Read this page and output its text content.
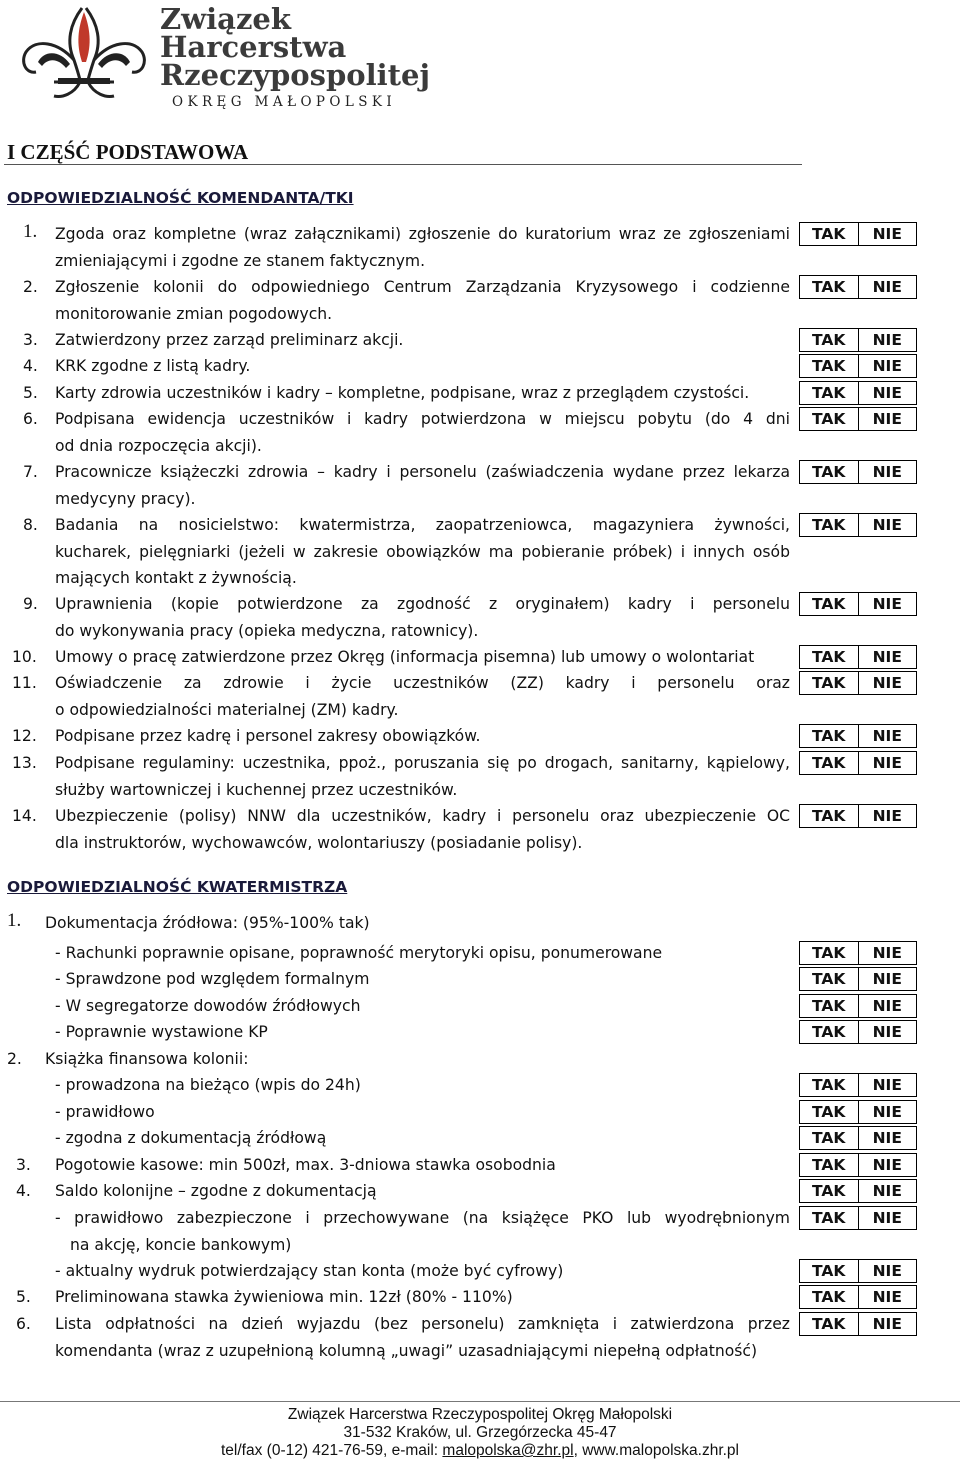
Związek
Harcerstwa
Rzeczypospolitej
OKRĘG MAŁOPOLSKI
I CZĘŚĆ PODSTAWOWA
ODPOWIEDZIALNOŚĆ KOMENDANTA/TKI
1. Zgoda oraz kompletne (wraz załącznikami) zgłoszenie do kuratorium wraz ze zgłoszeniami
zmieniającymi i zgodne ze stanem faktycznym.
TAK	NIE
2. Zgłoszenie kolonii do odpowiedniego Centrum Zarządzania Kryzysowego i codzienne
monitorowanie zmian pogodowych.
TAK	NIE
3. Zatwierdzony przez zarząd preliminarz akcji.	TAK	NIE
4. KRK zgodne z listą kadry.	TAK	NIE
5. Karty zdrowia uczestników i kadry – kompletne, podpisane, wraz z przeglądem czystości.	TAK	NIE
6. Podpisana ewidencja uczestników i kadry potwierdzona w miejscu pobytu (do 4 dni
od dnia rozpoczęcia akcji).
TAK	NIE
7. Pracownicze książeczki zdrowia – kadry i personelu (zaświadczenia wydane przez lekarza
medycyny pracy).
TAK	NIE
8. Badania na nosicielstwo: kwatermistrza, zaopatrzeniowca, magazyniera żywności,
kucharek, pielęgniarki (jeżeli w zakresie obowiązków ma pobieranie próbek) i innych osób
mających kontakt z żywnością.
TAK	NIE
9. Uprawnienia (kopie potwierdzone za zgodność z oryginałem) kadry i personelu
do wykonywania pracy (opieka medyczna, ratownicy).
TAK	NIE
10. Umowy o pracę zatwierdzone przez Okręg (informacja pisemna) lub umowy o wolontariat	TAK	NIE
11. Oświadczenie za zdrowie i życie uczestników (ZZ) kadry i personelu oraz
o odpowiedzialności materialnej (ZM) kadry.
TAK	NIE
12. Podpisane przez kadrę i personel zakresy obowiązków.	TAK	NIE
13. Podpisane regulaminy: uczestnika, ppoż., poruszania się po drogach, sanitarny, kąpielowy,
służby wartowniczej i kuchennej przez uczestników.
TAK	NIE
14. Ubezpieczenie (polisy) NNW dla uczestników, kadry i personelu oraz ubezpieczenie OC
dla instruktorów, wychowawców, wolontariuszy (posiadanie polisy).
TAK	NIE
ODPOWIEDZIALNOŚĆ KWATERMISTRZA
1. Dokumentacja źródłowa: (95%-100% tak)
- Rachunki poprawnie opisane, poprawność merytoryki opisu, ponumerowane	TAK	NIE
- Sprawdzone pod względem formalnym	TAK	NIE
- W segregatorze dowodów źródłowych	TAK	NIE
- Poprawnie wystawione KP	TAK	NIE
2. Książka finansowa kolonii:
- prowadzona na bieżąco (wpis do 24h)	TAK	NIE
- prawidłowo	TAK	NIE
- zgodna z dokumentacją źródłową	TAK	NIE
3. Pogotowie kasowe: min 500zł, max. 3-dniowa stawka osobodnia	TAK	NIE
4. Saldo kolonijne – zgodne z dokumentacją	TAK	NIE
- prawidłowo zabezpieczone i przechowywane (na książęce PKO lub wyodrębnionym
na akcję, koncie bankowym)
TAK	NIE
- aktualny wydruk potwierdzający stan konta (może być cyfrowy)	TAK	NIE
5. Preliminowana stawka żywieniowa min. 12zł (80% - 110%)	TAK	NIE
6. Lista odpłatności na dzień wyjazdu (bez personelu) zamknięta i zatwierdzona przez
komendanta (wraz z uzupełnioną kolumną „uwagi” uzasadniającymi niepełną odpłatność)
TAK	NIE
Związek Harcerstwa Rzeczypospolitej Okręg Małopolski
31-532 Kraków, ul. Grzegórzecka 45-47
tel/fax (0-12) 421-76-59, e-mail: malopolska@zhr.pl, www.malopolska.zhr.pl
